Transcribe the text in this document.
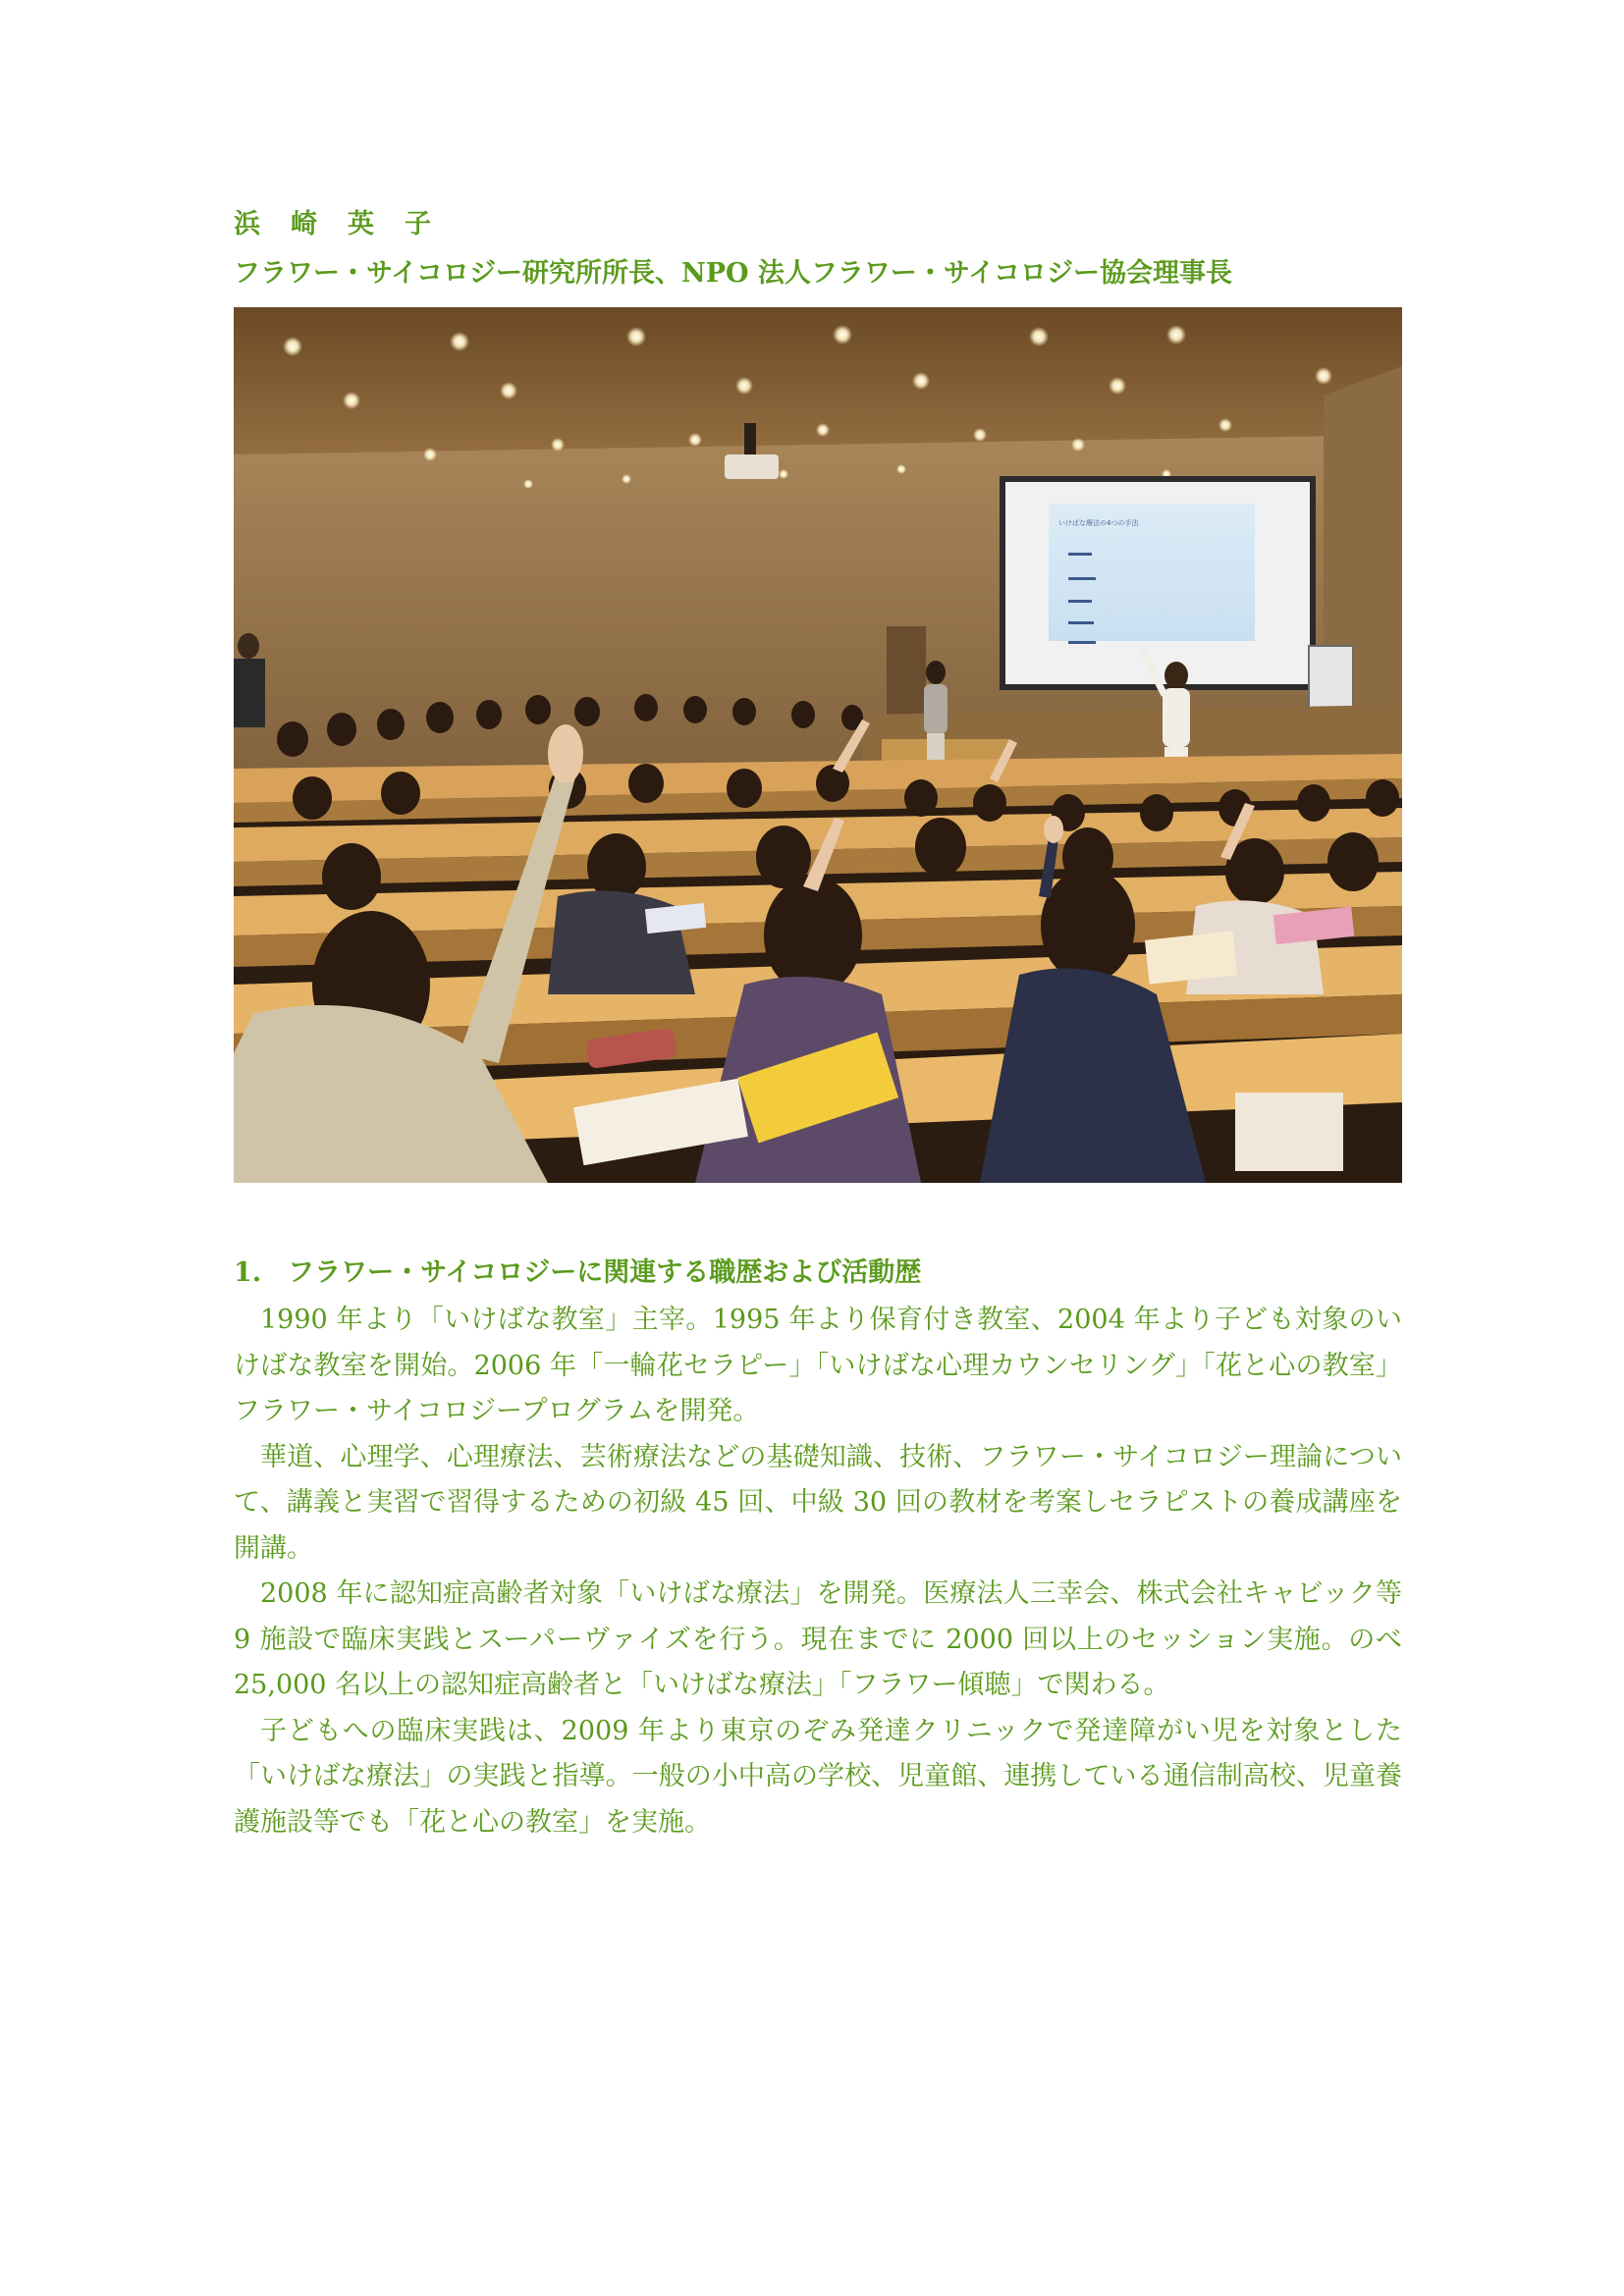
浜　崎　英　子
フラワー・サイコロジー研究所所長、NPO 法人フラワー・サイコロジー協会理事長
いけばな療法の4つの手法
1.　フラワー・サイコロジーに関連する職歴および活動歴

1990 年より「いけばな教室」主宰。1995 年より保育付き教室、2004 年より子ども対象のいけばな教室を開始。2006 年「一輪花セラピー」「いけばな心理カウンセリング」「花と心の教室」フラワー・サイコロジープログラムを開発。

華道、心理学、心理療法、芸術療法などの基礎知識、技術、フラワー・サイコロジー理論について、講義と実習で習得するための初級 45 回、中級 30 回の教材を考案しセラピストの養成講座を開講。

2008 年に認知症高齢者対象「いけばな療法」を開発。医療法人三幸会、株式会社キャビック等 9 施設で臨床実践とスーパーヴァイズを行う。現在までに 2000 回以上のセッション実施。のべ 25,000 名以上の認知症高齢者と「いけばな療法」「フラワー傾聴」で関わる。

子どもへの臨床実践は、2009 年より東京のぞみ発達クリニックで発達障がい児を対象とした「いけばな療法」の実践と指導。一般の小中高の学校、児童館、連携している通信制高校、児童養護施設等でも「花と心の教室」を実施。
